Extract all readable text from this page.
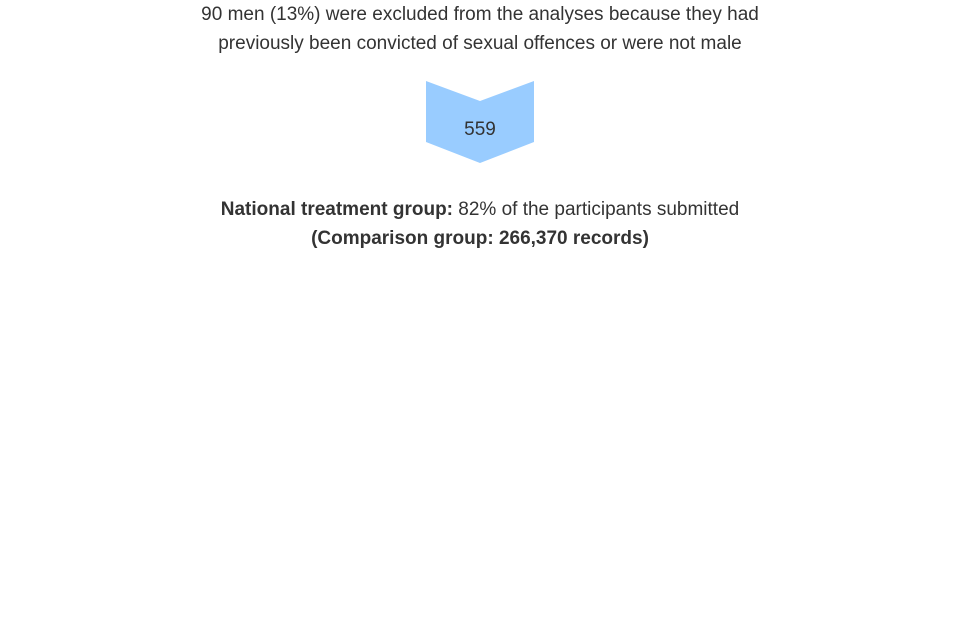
90 men (13%) were excluded from the analyses because they had
previously been convicted of sexual offences or were not male
559
National treatment group: 82% of the participants submitted
(Comparison group: 266,370 records)
